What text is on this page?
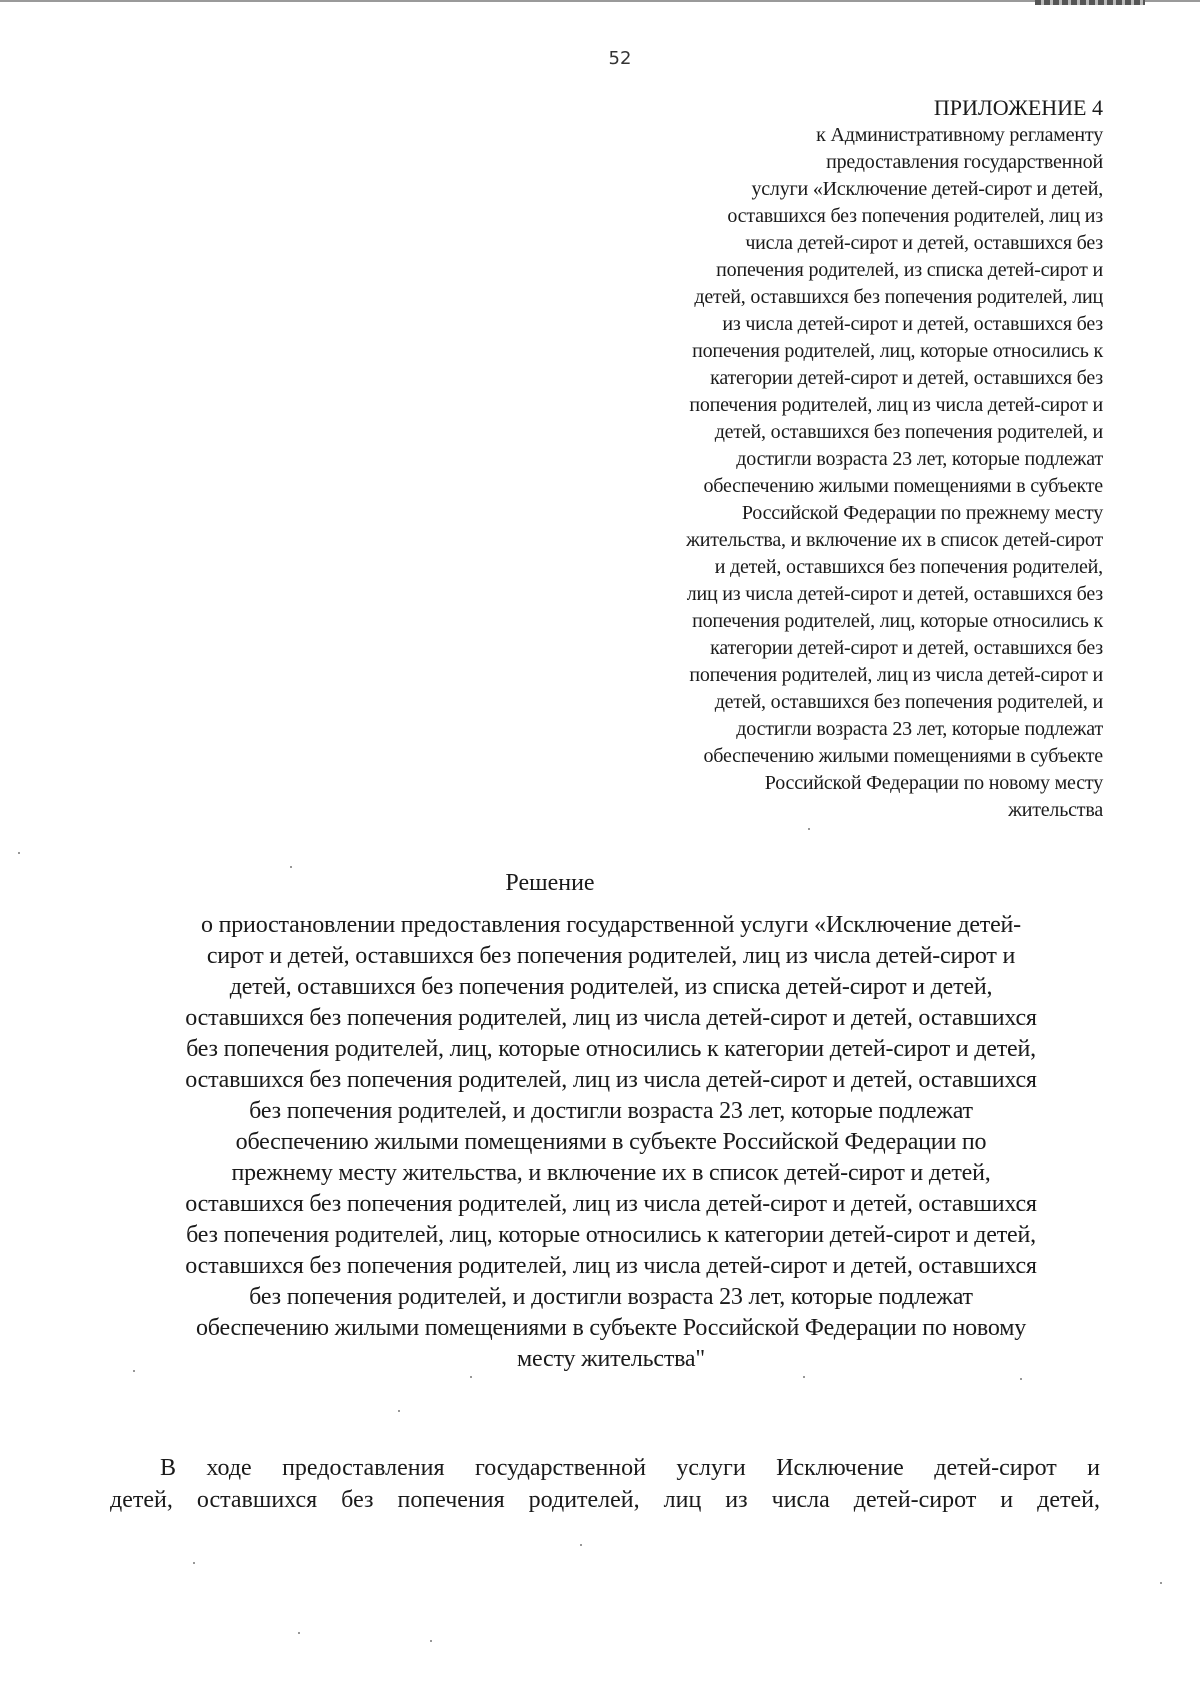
52
ПРИЛОЖЕНИЕ 4
к Административному регламенту
предоставления государственной
услуги «Исключение детей-сирот и детей,
оставшихся без попечения родителей, лиц из
числа детей-сирот и детей, оставшихся без
попечения родителей, из списка детей-сирот и
детей, оставшихся без попечения родителей, лиц
из числа детей-сирот и детей, оставшихся без
попечения родителей, лиц, которые относились к
категории детей-сирот и детей, оставшихся без
попечения родителей, лиц из числа детей-сирот и
детей, оставшихся без попечения родителей, и
достигли возраста 23 лет, которые подлежат
обеспечению жилыми помещениями в субъекте
Российской Федерации по прежнему месту
жительства, и включение их в список детей-сирот
и детей, оставшихся без попечения родителей,
лиц из числа детей-сирот и детей, оставшихся без
попечения родителей, лиц, которые относились к
категории детей-сирот и детей, оставшихся без
попечения родителей, лиц из числа детей-сирот и
детей, оставшихся без попечения родителей, и
достигли возраста 23 лет, которые подлежат
обеспечению жилыми помещениями в субъекте
Российской Федерации по новому месту
жительства
Решение
о приостановлении предоставления государственной услуги «Исключение детей-
сирот и детей, оставшихся без попечения родителей, лиц из числа детей-сирот и
детей, оставшихся без попечения родителей, из списка детей-сирот и детей,
оставшихся без попечения родителей, лиц из числа детей-сирот и детей, оставшихся
без попечения родителей, лиц, которые относились к категории детей-сирот и детей,
оставшихся без попечения родителей, лиц из числа детей-сирот и детей, оставшихся
без попечения родителей, и достигли возраста 23 лет, которые подлежат
обеспечению жилыми помещениями в субъекте Российской Федерации по
прежнему месту жительства, и включение их в список детей-сирот и детей,
оставшихся без попечения родителей, лиц из числа детей-сирот и детей, оставшихся
без попечения родителей, лиц, которые относились к категории детей-сирот и детей,
оставшихся без попечения родителей, лиц из числа детей-сирот и детей, оставшихся
без попечения родителей, и достигли возраста 23 лет, которые подлежат
обеспечению жилыми помещениями в субъекте Российской Федерации по новому
месту жительства"
В ходе предоставления государственной услуги Исключение детей-сирот и
детей, оставшихся без попечения родителей, лиц из числа детей-сирот и детей,
